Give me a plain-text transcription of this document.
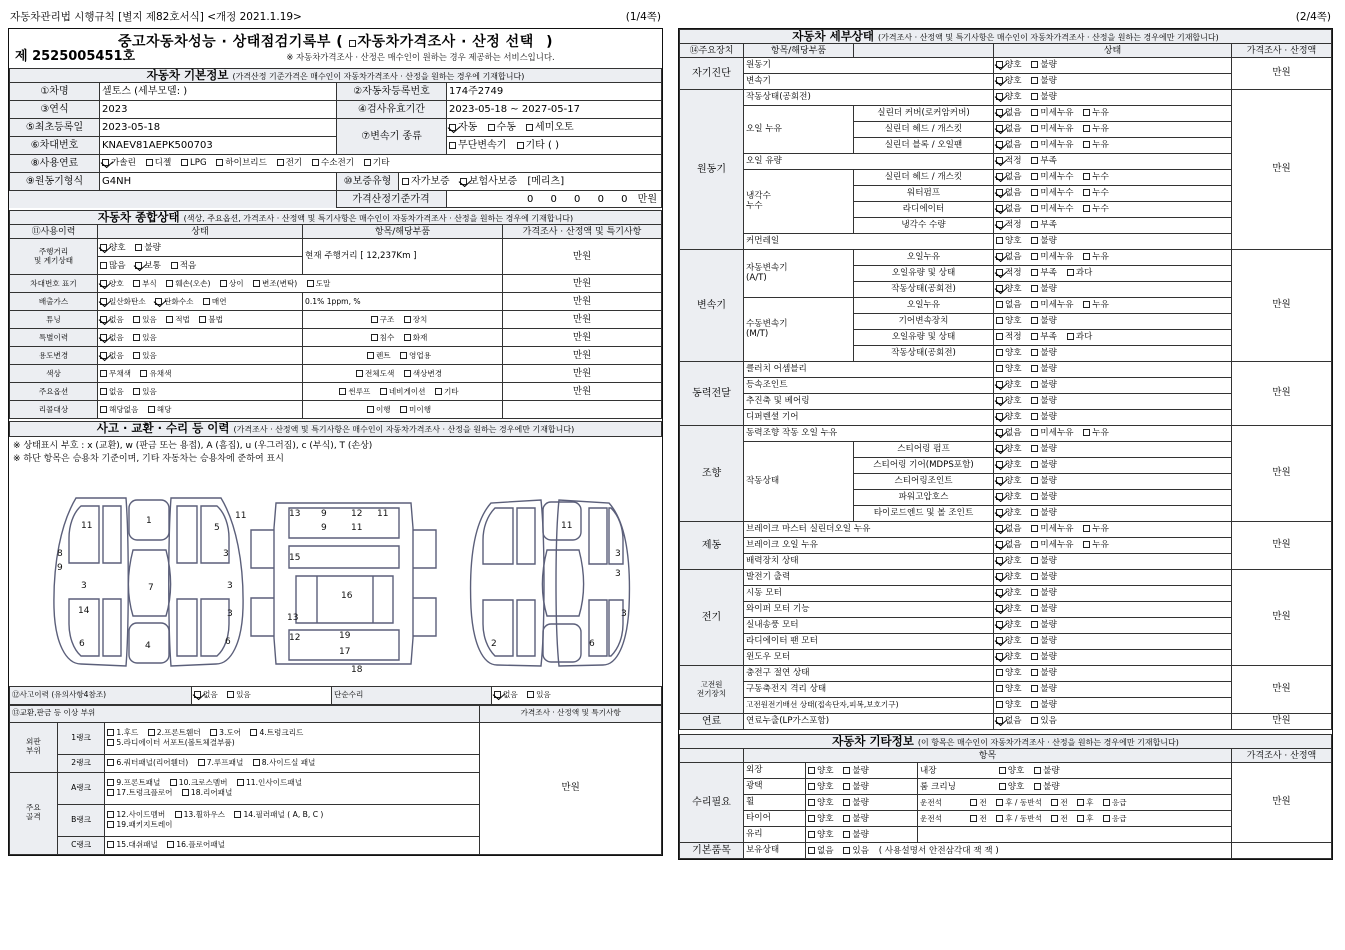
자동차관리법 시행규칙 [별지 제82호서식] <개정 2021.1.19>	(1/4쪽)
중고자동차성능 · 상태점검기록부 ( 자동차가격조사 · 산정 선택 )

제 2525005451호	※ 자동차가격조사 · 산정은 매수인이 원하는 경우 제공하는 서비스입니다.
자동차 기본정보 (가격산정 기준가격은 매수인이 자동차가격조사 · 산정을 원하는 경우에 기재합니다)			
①차명	셀토스 (세부모델: )	②자동차등록번호	174주2749
③연식	2023	④검사유효기간	2023-05-18 ~ 2027-05-17
⑤최초등록일	2023-05-18	⑦변속기 종류	자동 수동 세미오토
⑥차대번호	KNAEV81AEPK500703		무단변속기 기타 ( )
⑧사용연료	가솔린 디젤 LPG 하이브리드 전기 수소전기 기타		
⑨원동기형식	G4NH	⑩보증유형 자가보증 보험사보증 [메리츠]	
	가격산정기준가격	0 0 0 0 0 만원
자동차 종합상태 (색상, 주요옵션, 가격조사 · 산정액 및 특기사항은 매수인이 자동차가격조사 · 산정을 원하는 경우에 기재합니다)			
⑪사용이력	상태	항목/해당부품	가격조사 · 산정액 및 특기사항
주행거리
및 계기상태	양호 불량	현재 주행거리 [ 12,237Km ]	만원
	많음 보통 적음		
차대번호 표기	양호 부식 훼손(오손) 상이 변조(변탁) 도말		만원
배출가스	일산화탄소 탄화수소 매연	0.1% 1ppm, %	만원
튜닝	없음 있음 적법 불법	구조 장치	만원
특별이력	없음 있음	침수 화재	만원
용도변경	없음 있음	렌트 영업용	만원
색상	무채색 유채색	전체도색 색상변경	만원
주요옵션	없음 있음	썬루프 네비게이션 기타	만원
리콜대상	해당없음 해당	이행 미이행	
사고 · 교환 · 수리 등 이력 (가격조사 · 산정액 및 특기사항은 매수인이 자동차가격조사 · 산정을 원하는 경우에만 기재합니다)
※ 상태표시 부호 : x (교환), w (판금 또는 용접), A (흠집), u (우그러짐), c (부식), T (손상)
※ 하단 항목은 승용차 기준이며, 기타 자동차는 승용차에 준하여 표시
1
7
4
11
8
9
3
14
6
11
5
3
3
3
6
13 9	12 11
9	11
15
16
13
19
12
17
18
11
3
3
3
6
2
⑫사고이력 (유의사항4참조)	없음 있음	단순수리	없음 있음
⑬교환,판금 등 이상 부위			가격조사 · 산정액 및 특기사항
외판
부위	1랭크	1.후드 2.프론트휀더 3.도어 4.트렁크리드
5.라디에이터 서포트(볼트체결부품)
	만원
	2랭크	6.쿼터패널(리어휀더) 7.루프패널 8.사이드실 패널	
주요
골격	A랭크	9.프론트패널 10.크로스멤버 11.인사이드패널
17.트렁크플로어 18.리어패널

	B랭크	12.사이드멤버 13.휠하우스 14.필러패널 ( A, B, C )
19.패키지트레이	

	C랭크	15.대쉬패널 16.플로어패널	
(2/4쪽)
자동차 세부상태 (가격조사 · 산정액 및 특기사항은 매수인이 자동차가격조사 · 산정을 원하는 경우에만 기재합니다)				
⑭주요장치	항목/해당부품		상태	가격조사 · 산정액
자기진단	원동기		양호 불량	만원
	변속기		양호 불량	
원동기	작동상태(공회전)		양호 불량	만원
	오일 누유	실린더 커버(로커암커버)	없음 미세누유 누유	
		실린더 헤드 / 개스킷	없음 미세누유 누유	
		실린더 블록 / 오일팬	없음 미세누유 누유	
	오일 유량		적정 부족	
	냉각수
누수	실린더 헤드 / 개스킷	없음 미세누수 누수	
		워터펌프	없음 미세누수 누수	
		라디에이터	없음 미세누수 누수	
		냉각수 수량	적정 부족	
	커먼레일		양호 불량	
변속기	자동변속기
(A/T)	오일누유	없음 미세누유 누유	만원
		오일유량 및 상태	적정 부족 과다	
		작동상태(공회전)	양호 불량	
	수동변속기
(M/T)	오일누유	없음 미세누유 누유	
		기어변속장치	양호 불량	
		오일유량 및 상태	적정 부족 과다	
		작동상태(공회전)	양호 불량	
동력전달	클러치 어셈블리		양호 불량	만원
	등속조인트		양호 불량	
	추진축 및 베어링		양호 불량	
	디퍼렌셜 기어		양호 불량	
조향	동력조향 작동 오일 누유		없음 미세누유 누유	만원
	작동상태	스티어링 펌프	양호 불량	
		스티어링 기어(MDPS포함)	양호 불량	
		스티어링조인트	양호 불량	
		파워고압호스	양호 불량	
		타이로드엔드 및 볼 조인트	양호 불량	
제동	브레이크 마스터 실린더오일 누유		없음 미세누유 누유	만원
	브레이크 오일 누유		없음 미세누유 누유	
	배력장치 상태		양호 불량	
전기	발전기 출력		양호 불량	만원
	시동 모터		양호 불량	
	와이퍼 모터 기능		양호 불량	
	실내송풍 모터		양호 불량	
	라디에이터 팬 모터		양호 불량	
	윈도우 모터		양호 불량	
고전원
전기장치	충전구 절연 상태		양호 불량	만원
	구동축전지 격리 상태		양호 불량	
	고전원전기배선 상태(접속단자,피복,보호기구)		양호 불량	
연료	연료누출(LP가스포함)		없음 있음	만원
자동차 기타정보 (이 항목은 매수인이 자동차가격조사 · 산정을 원하는 경우에만 기재합니다)				
	항목			가격조사 · 산정액
수리필요	외장	양호 불량	내장 양호 불량	만원
	광택	양호 불량	룸 크리닝 양호 불량	
	휠	양호 불량	운전석 전 후 / 동반석 전 후 응급	
	타이어	양호 불량	운전석 전 후 / 동반석 전 후 응급	
	유리	양호 불량		
기본품목	보유상태	없음 있음 ( 사용설명서 안전삼각대 잭 잭 )		
